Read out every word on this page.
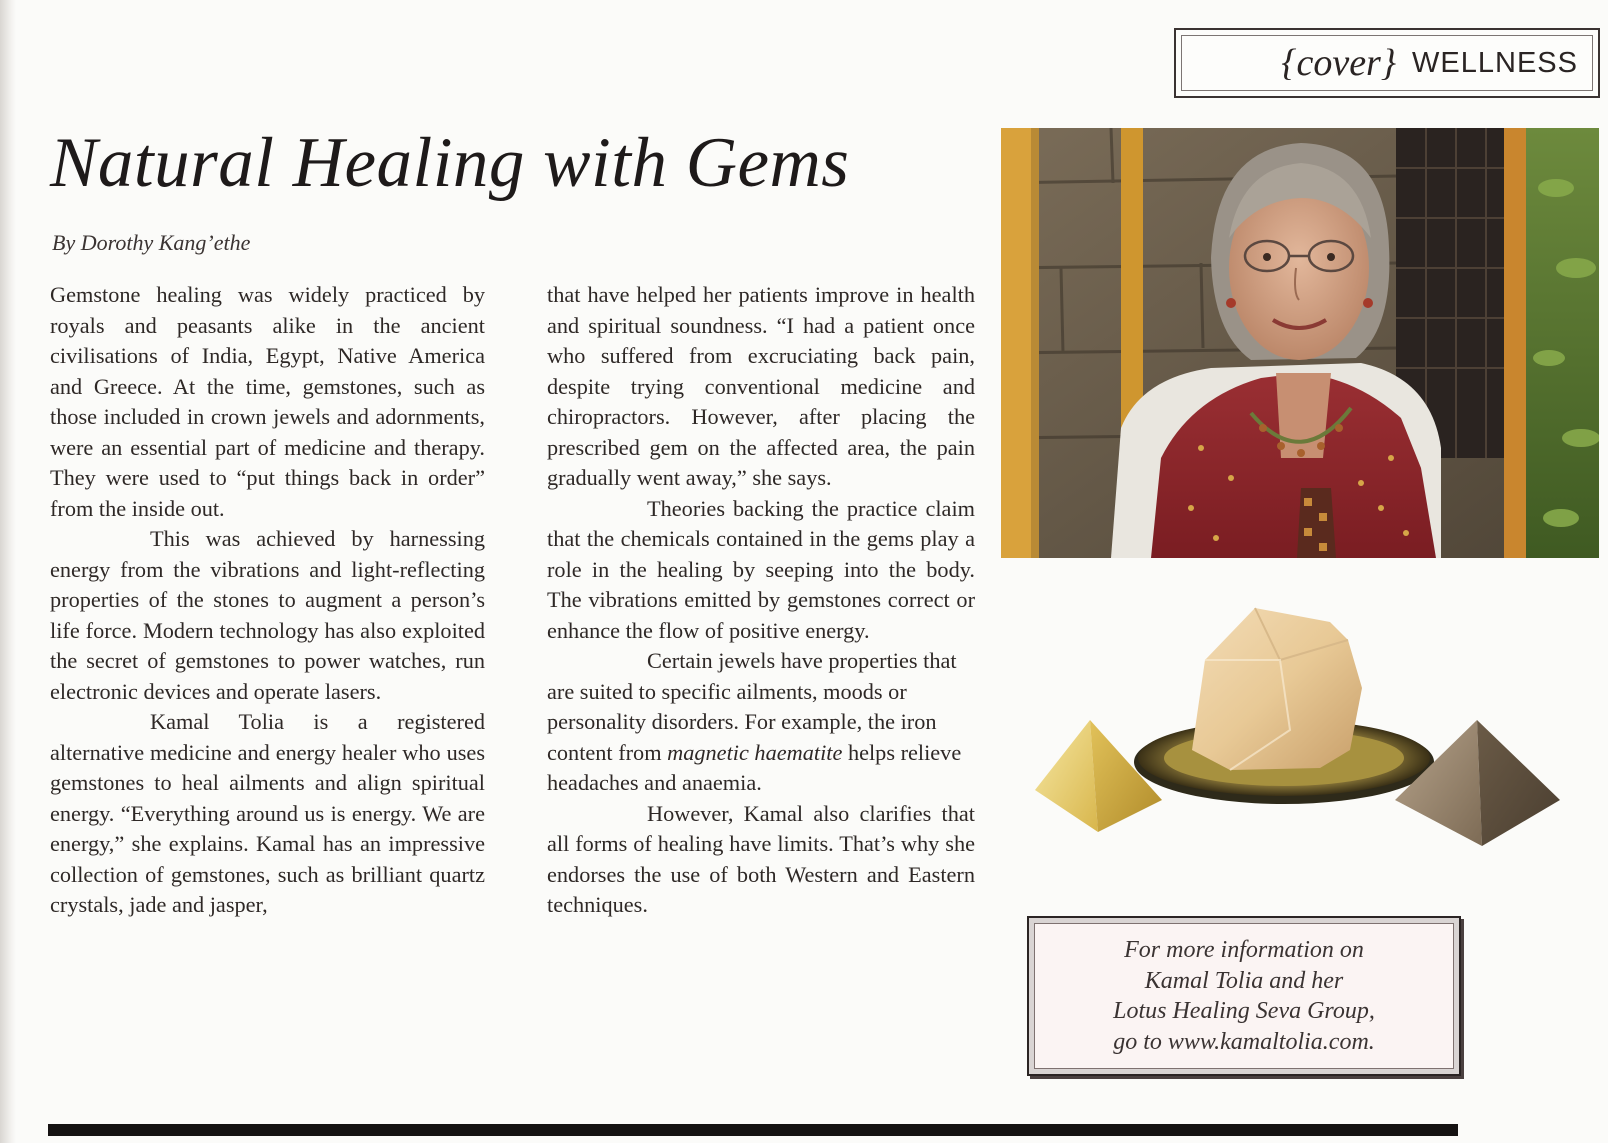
{cover} WELLNESS
Natural Healing with Gems
By Dorothy Kang’ethe

Gemstone healing was widely practiced by royals and peasants alike in the ancient civilisations of India, Egypt, Native America and Greece. At the time, gemstones, such as those included in crown jewels and adornments, were an essential part of medicine and therapy. They were used to “put things back in order” from the inside out.

This was achieved by harnessing energy from the vibrations and light-reflecting properties of the stones to augment a person’s life force. Modern technology has also exploited the secret of gemstones to power watches, run electronic devices and operate lasers.

Kamal Tolia is a registered alternative medicine and energy healer who uses gemstones to heal ailments and align spiritual energy. “Everything around us is energy. We are energy,” she explains. Kamal has an impressive collection of gemstones, such as brilliant quartz crystals, jade and jasper,

that have helped her patients improve in health and spiritual soundness. “I had a patient once who suffered from excruciating back pain, despite trying conventional medicine and chiropractors. However, after placing the prescribed gem on the affected area, the pain gradually went away,” she says.

Theories backing the practice claim that the chemicals contained in the gems play a role in the healing by seeping into the body. The vibrations emitted by gemstones correct or enhance the flow of positive energy.

Certain jewels have properties that are suited to specific ailments, moods or personality disorders. For example, the iron content from magnetic haematite helps relieve headaches and anaemia.

However, Kamal also clarifies that all forms of healing have limits. That’s why she endorses the use of both Western and Eastern techniques.

For more information on
Kamal Tolia and her
Lotus Healing Seva Group,
go to www.kamaltolia.com.
